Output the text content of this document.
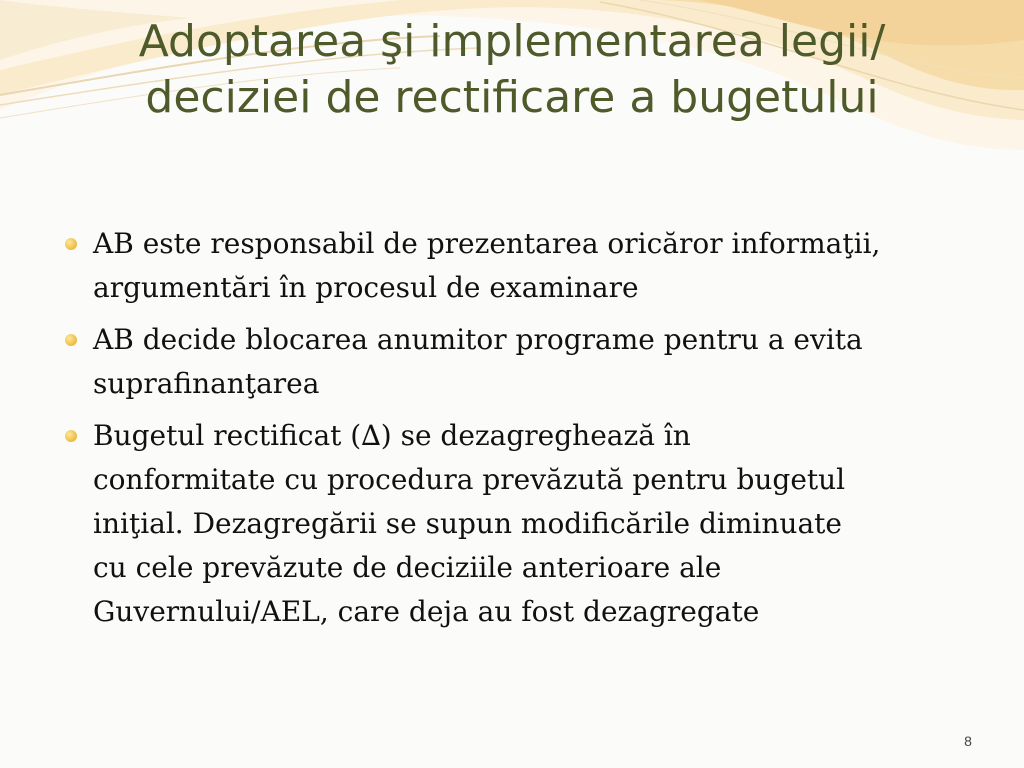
Adoptarea şi implementarea legii/
deciziei de rectificare a bugetului
AB este responsabil de prezentarea oricăror informaţii,
argumentări în procesul de examinare
AB decide blocarea anumitor programe pentru a evita
suprafinanţarea
Bugetul rectificat (∆) se dezagreghează în
conformitate cu procedura prevăzută pentru bugetul
iniţial. Dezagregării se supun modificările diminuate
cu cele prevăzute de deciziile anterioare ale
Guvernului/AEL, care deja au fost dezagregate
8
